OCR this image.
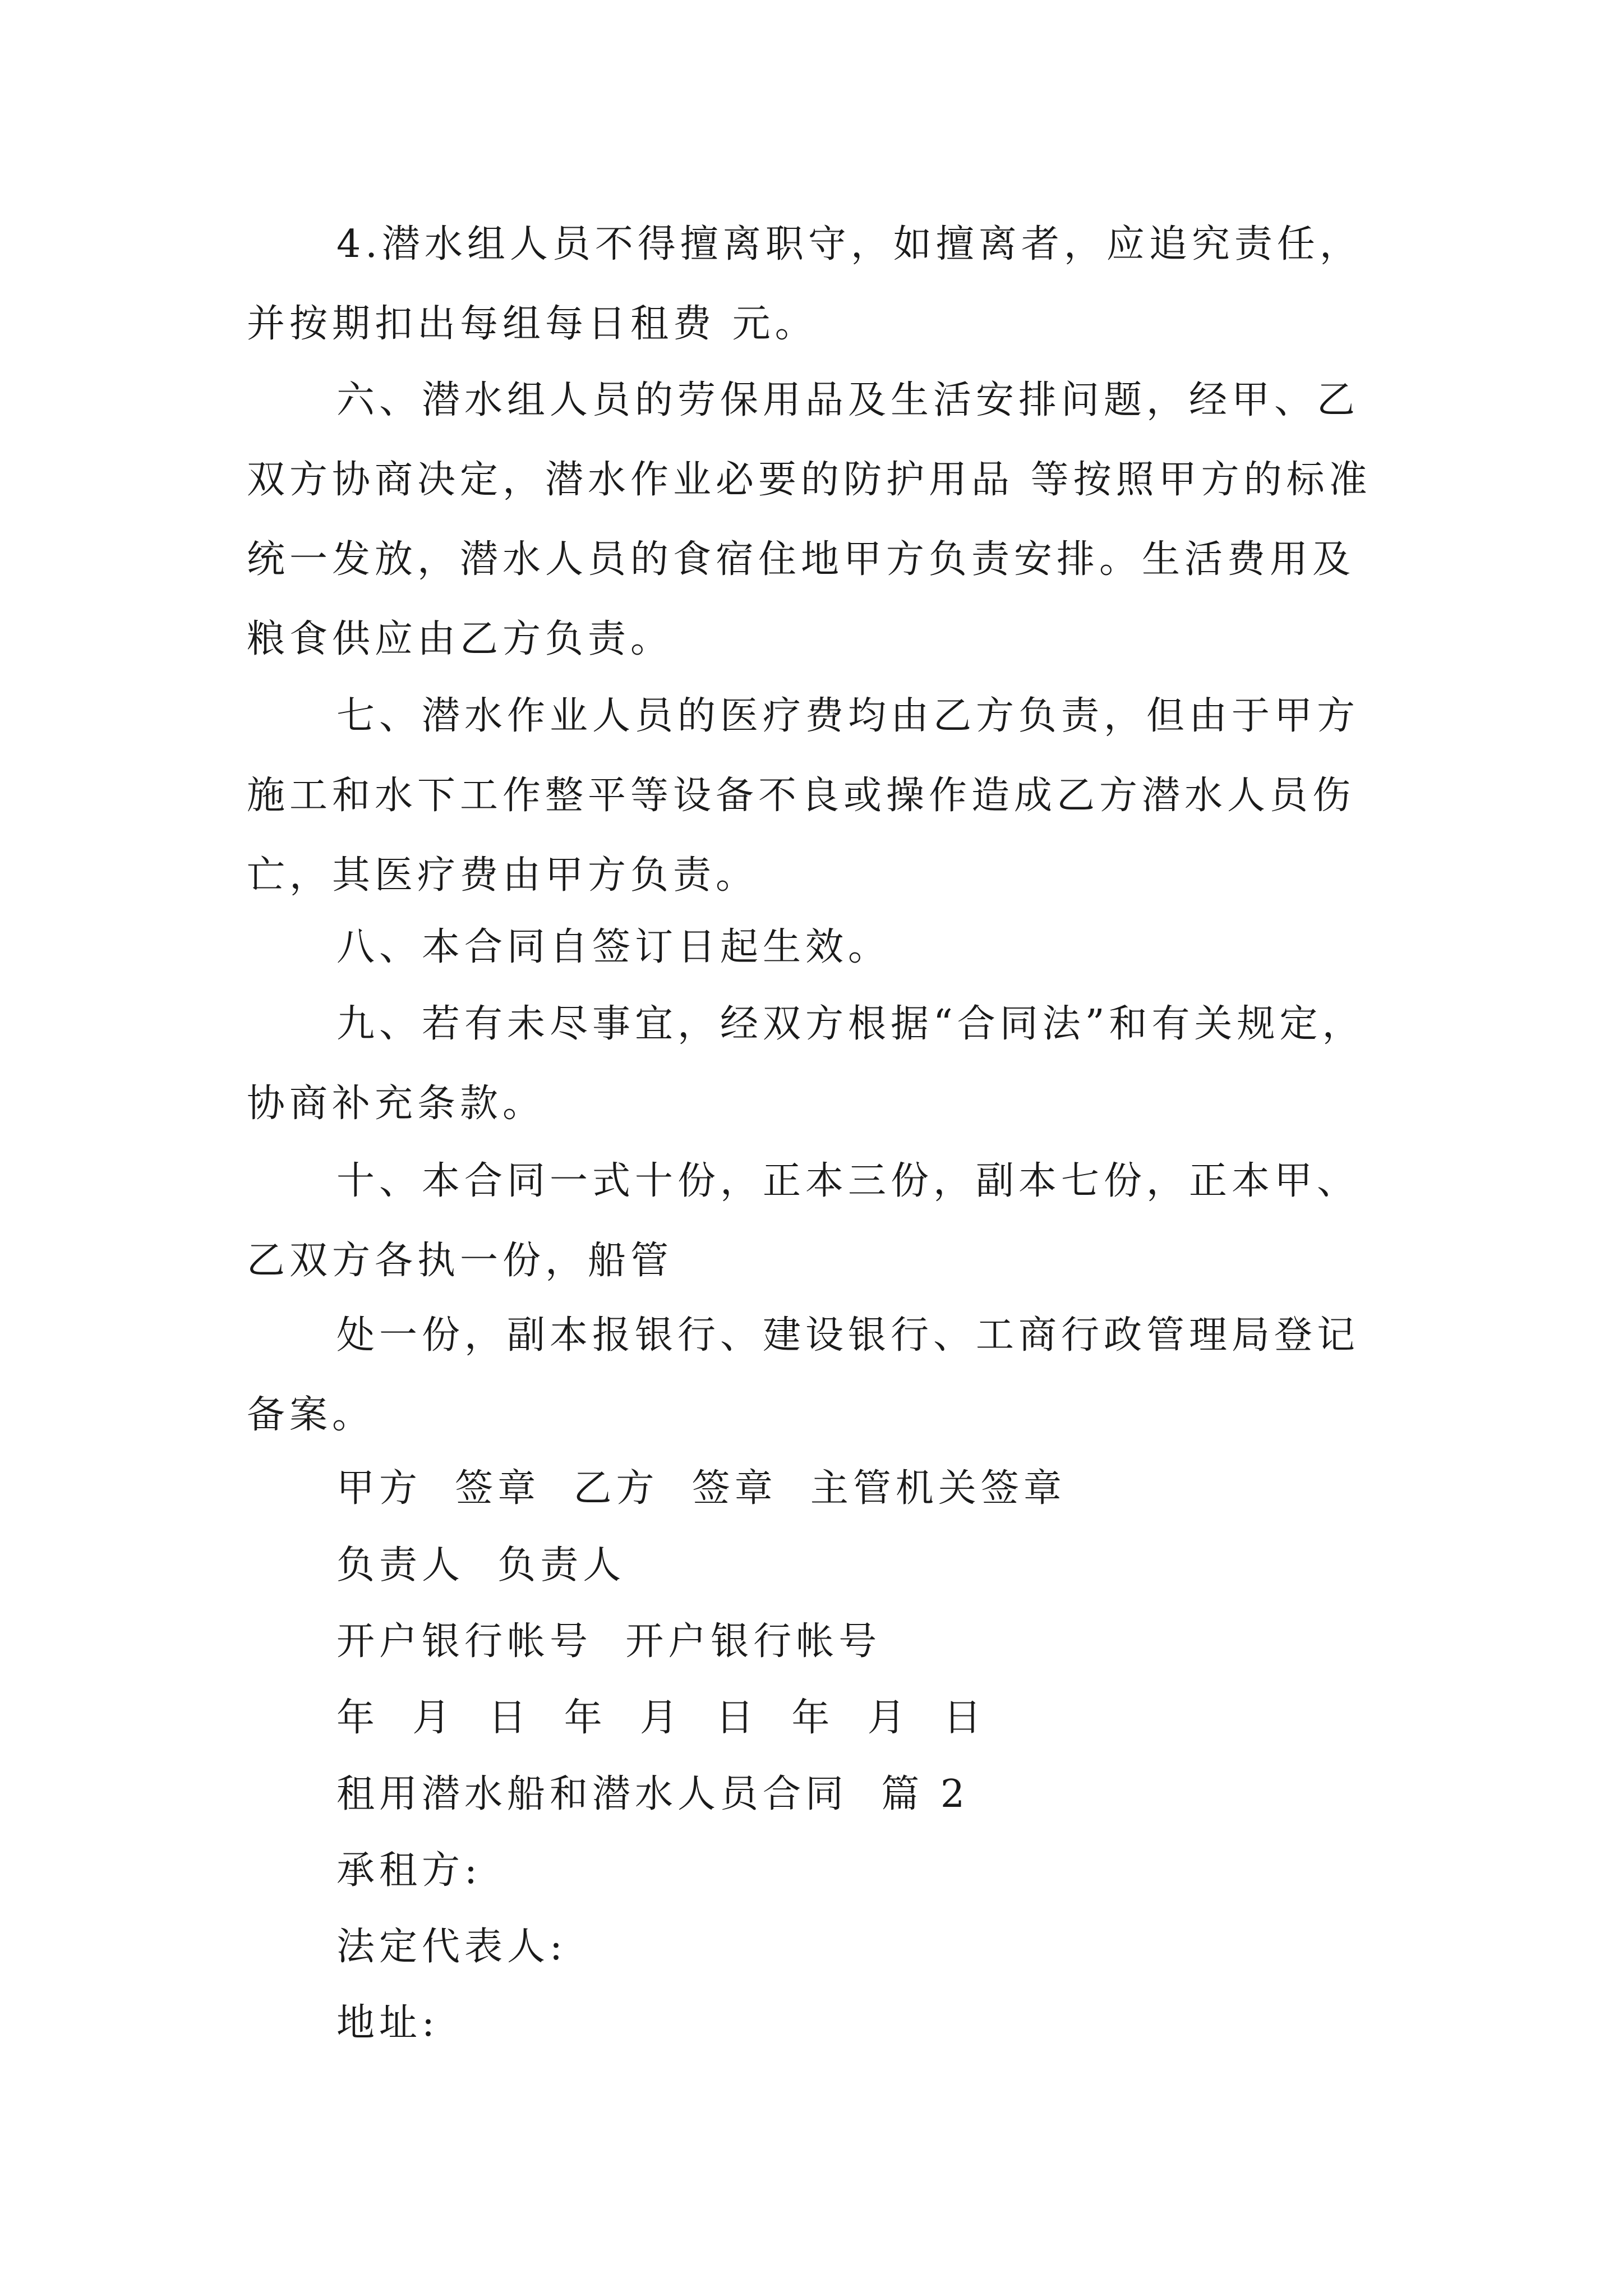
4.潜水组人员不得擅离职守，如擅离者，应追究责任，并按期扣出每组每日租费 元。

六、潜水组人员的劳保用品及生活安排问题，经甲、乙双方协商决定，潜水作业必要的防护用品 等按照甲方的标准统一发放，潜水人员的食宿住地甲方负责安排。生活费用及粮食供应由乙方负责。

七、潜水作业人员的医疗费均由乙方负责，但由于甲方施工和水下工作整平等设备不良或操作造成乙方潜水人员伤亡，其医疗费由甲方负责。

八、本合同自签订日起生效。

九、若有未尽事宜，经双方根据“合同法”和有关规定，协商补充条款。

十、本合同一式十份，正本三份，副本七份，正本甲、乙双方各执一份，船管

处一份，副本报银行、建设银行、工商行政管理局登记备案。

甲方  签章  乙方  签章  主管机关签章

负责人  负责人

开户银行帐号  开户银行帐号

年  月  日  年  月  日  年  月  日

租用潜水船和潜水人员合同  篇 2

承租方:

法定代表人:

地址:
